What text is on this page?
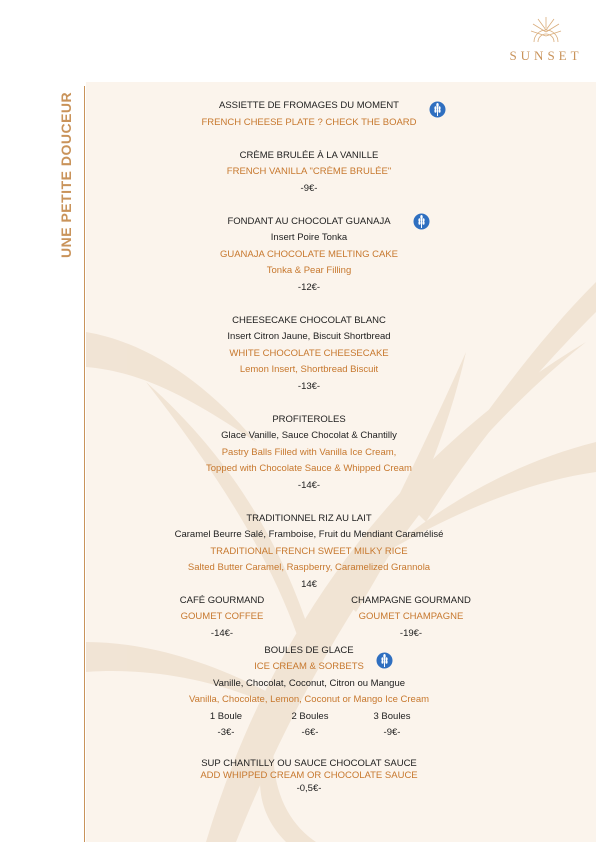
UNE PETITE DOUCEUR
SUNSET
ASSIETTE DE FROMAGES DU MOMENT
FRENCH CHEESE PLATE ? CHECK THE BOARD
CRÈME BRULÉE À LA VANILLE
FRENCH VANILLA "CRÈME BRULÉE"
-9€-
FONDANT AU CHOCOLAT GUANAJA
Insert Poire Tonka
GUANAJA CHOCOLATE MELTING CAKE
Tonka & Pear Filling
-12€-
CHEESECAKE CHOCOLAT BLANC
Insert Citron Jaune, Biscuit Shortbread
WHITE CHOCOLATE CHEESECAKE
Lemon Insert, Shortbread Biscuit
-13€-
PROFITEROLES
Glace Vanille, Sauce Chocolat & Chantilly
Pastry Balls Filled with Vanilla Ice Cream,
Topped with Chocolate Sauce & Whipped Cream
-14€-
TRADITIONNEL RIZ AU LAIT
Caramel Beurre Salé, Framboise, Fruit du Mendiant Caramélisé
TRADITIONAL FRENCH SWEET MILKY RICE
Salted Butter Caramel, Raspberry, Caramelized Grannola
14€
CAFÉ GOURMAND
GOUMET COFFEE
-14€-
CHAMPAGNE GOURMAND
GOUMET CHAMPAGNE
-19€-
BOULES DE GLACE
ICE CREAM & SORBETS
Vanille, Chocolat, Coconut, Citron ou Mangue
Vanilla, Chocolate, Lemon, Coconut or Mango Ice Cream
1 Boule
-3€-
2 Boules
-6€-
3 Boules
-9€-
SUP CHANTILLY OU SAUCE CHOCOLAT SAUCE
ADD WHIPPED CREAM OR CHOCOLATE SAUCE
-0,5€-
